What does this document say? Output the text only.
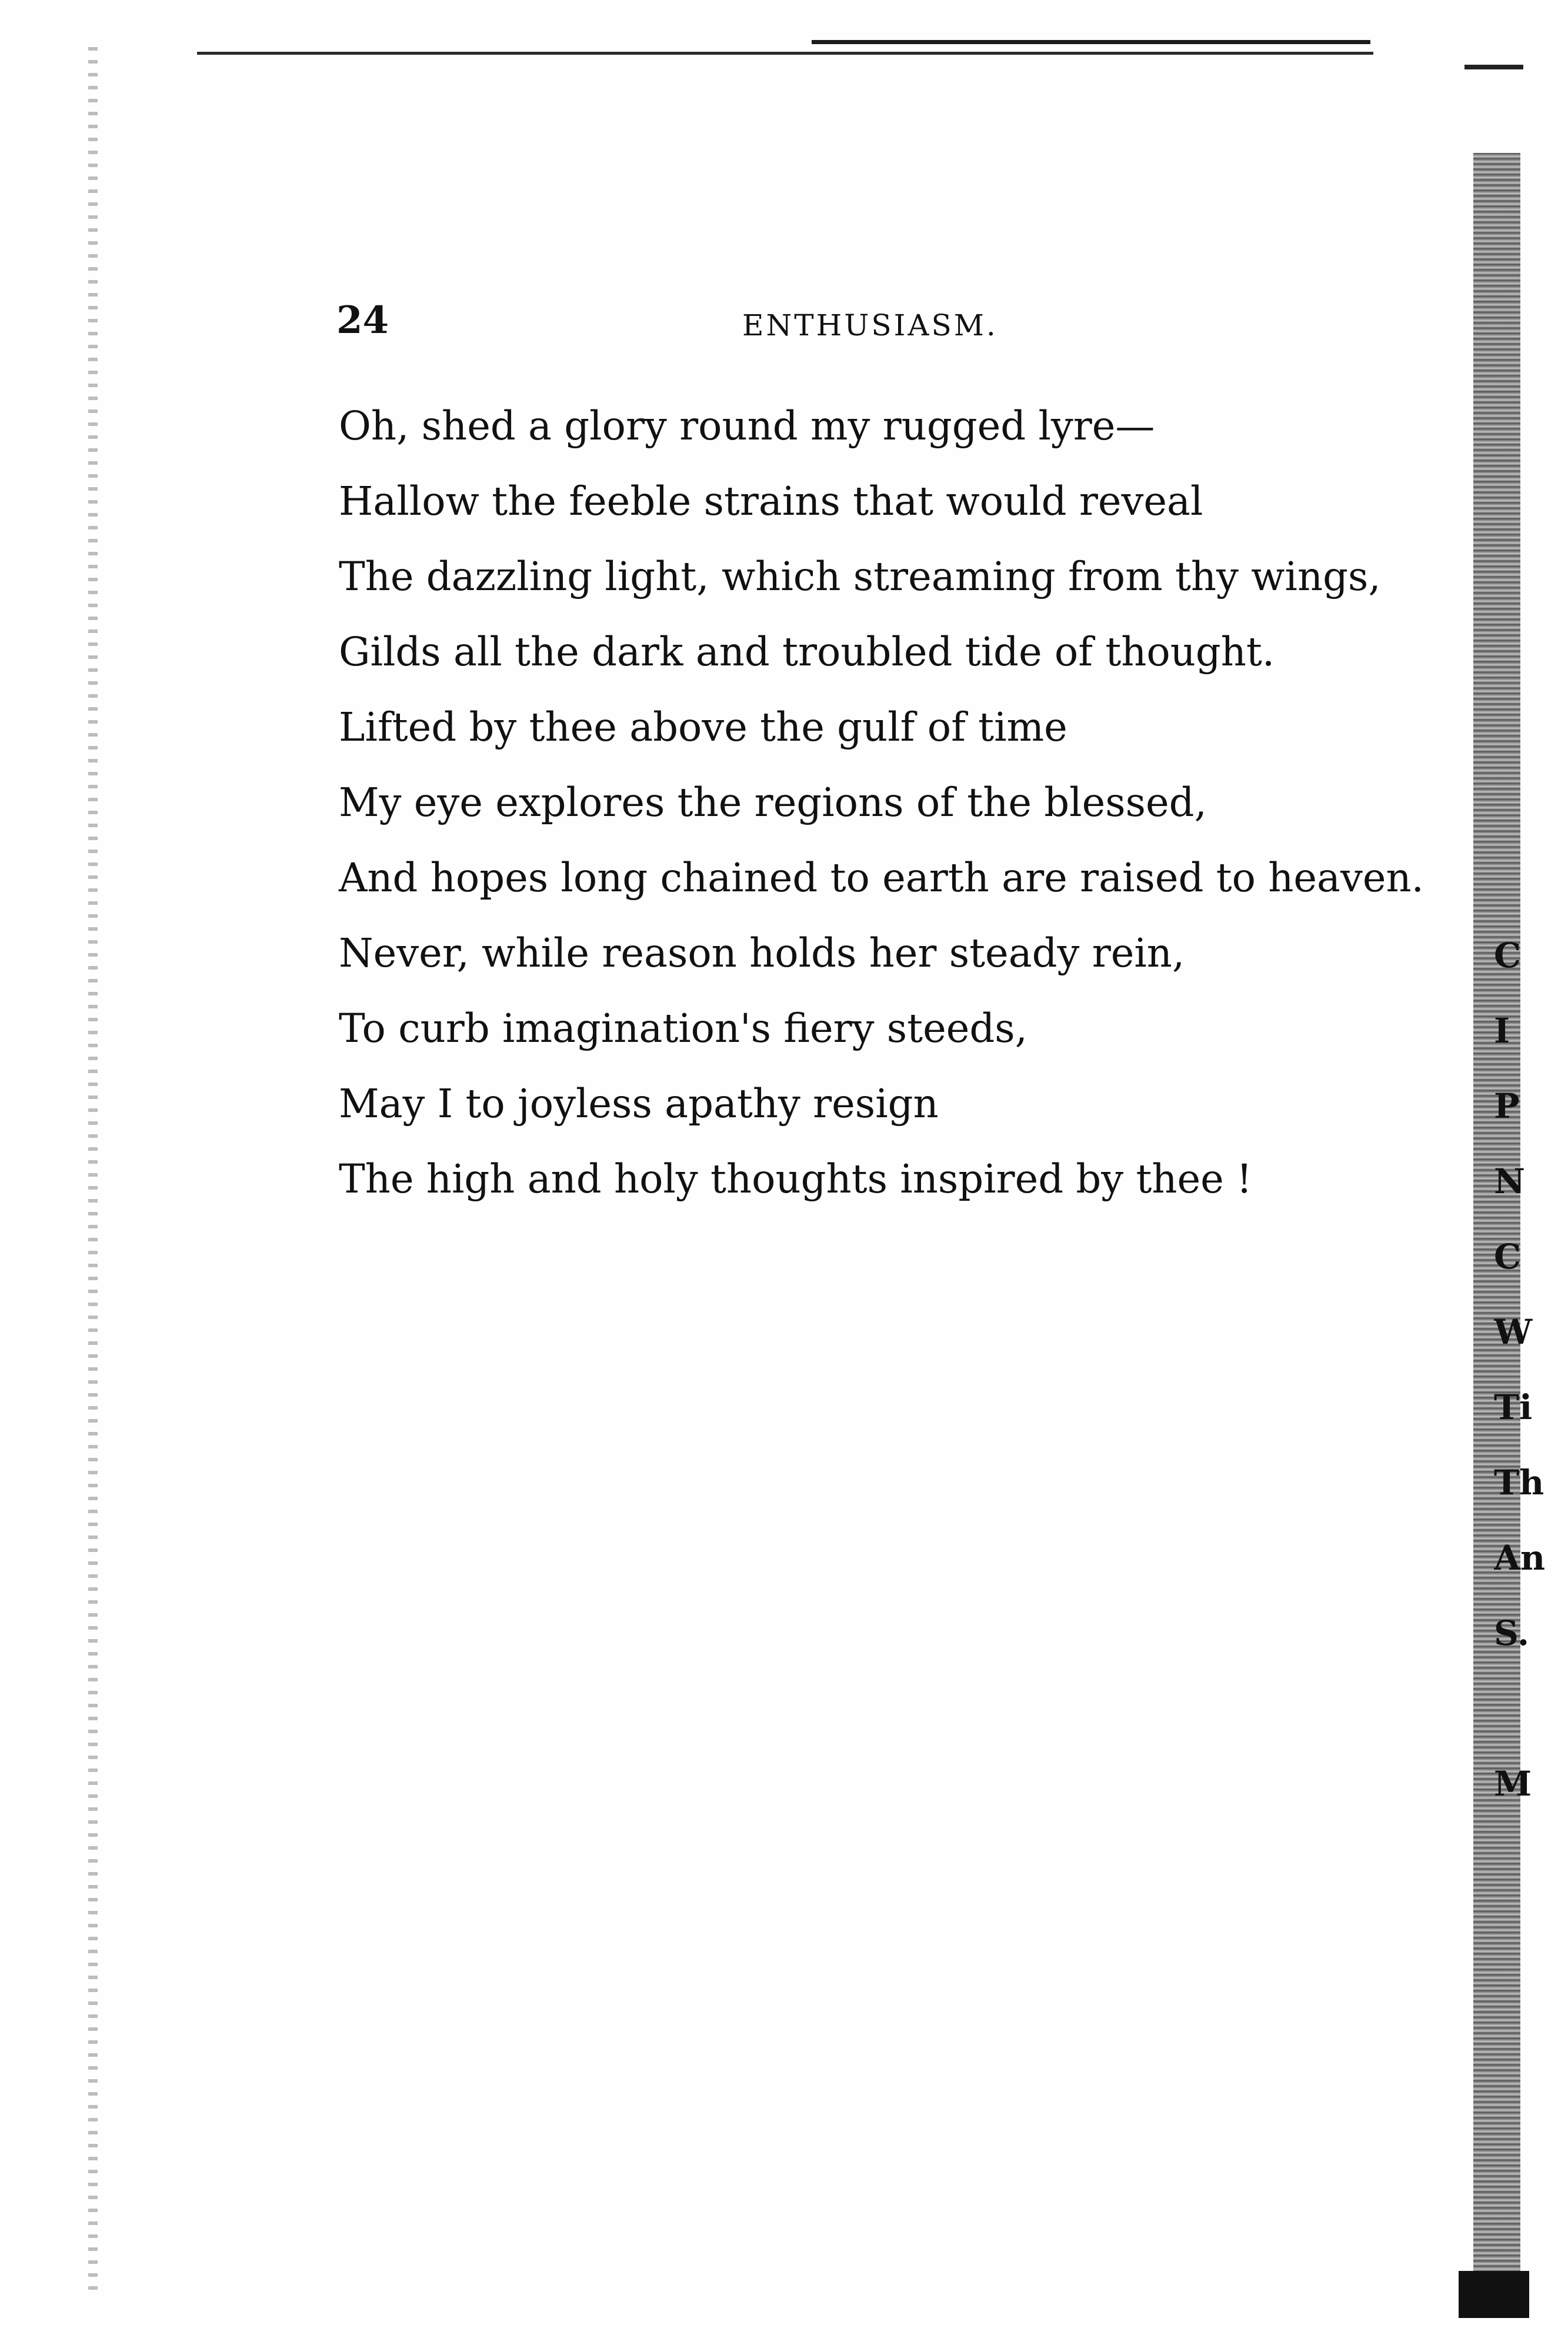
C
I
P
N
C
W
Ti
Th
An
S.
M
24	ENTHUSIASM.
Oh, shed a glory round my rugged lyre—
Hallow the feeble strains that would reveal
The dazzling light, which streaming from thy wings,
Gilds all the dark and troubled tide of thought.
Lifted by thee above the gulf of time
My eye explores the regions of the blessed,
And hopes long chained to earth are raised to heaven.
Never, while reason holds her steady rein,
To curb imagination's fiery steeds,
May I to joyless apathy resign
The high and holy thoughts inspired by thee !
